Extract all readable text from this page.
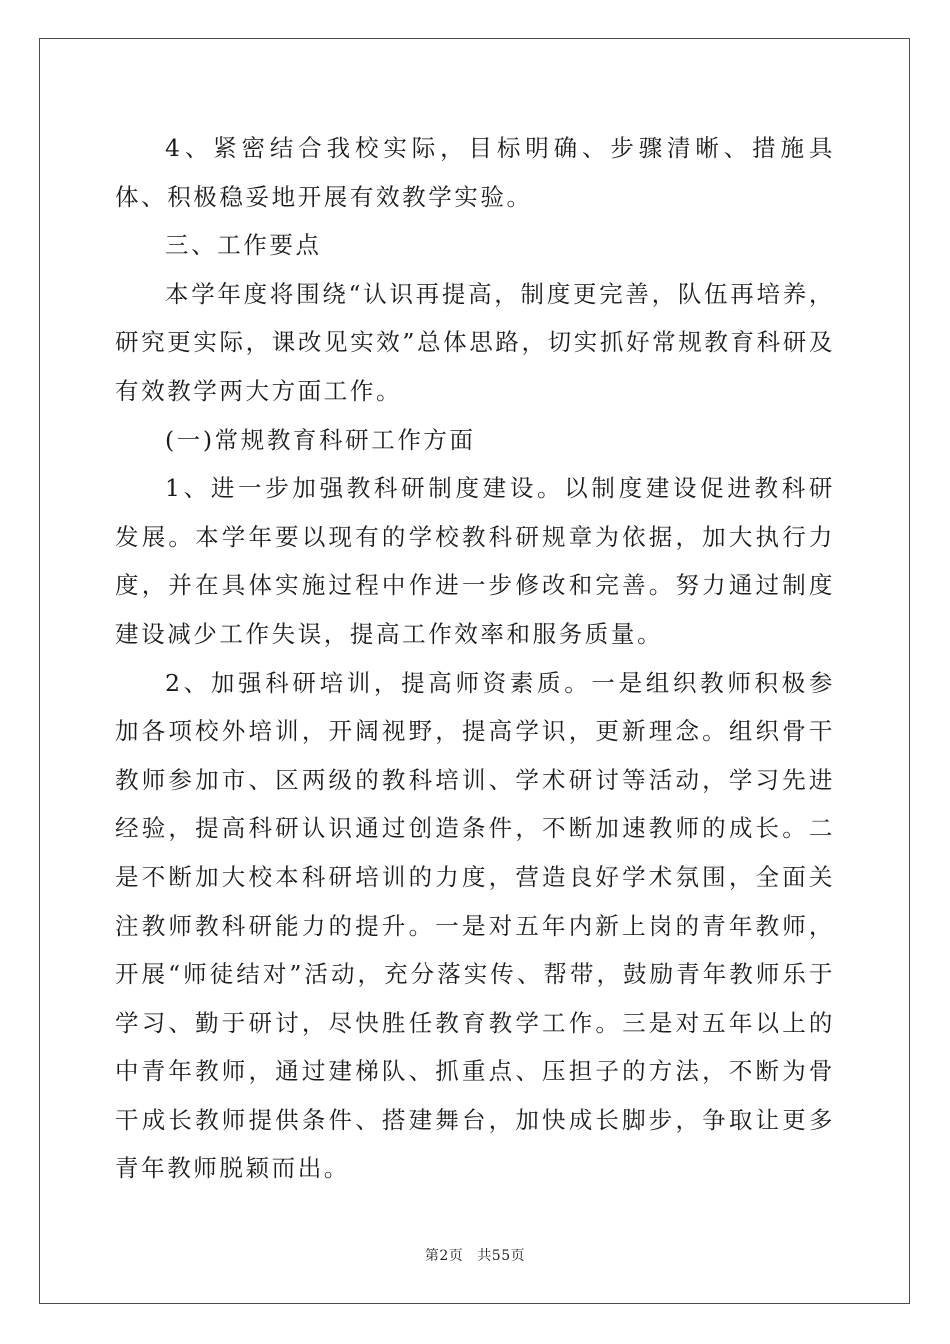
4、紧密结合我校实际，目标明确、步骤清晰、措施具体、积极稳妥地开展有效教学实验。

三、工作要点

本学年度将围绕“认识再提高，制度更完善，队伍再培养，研究更实际，课改见实效”总体思路，切实抓好常规教育科研及有效教学两大方面工作。

(一)常规教育科研工作方面

1、进一步加强教科研制度建设。以制度建设促进教科研发展。本学年要以现有的学校教科研规章为依据，加大执行力度，并在具体实施过程中作进一步修改和完善。努力通过制度建设减少工作失误，提高工作效率和服务质量。

2、加强科研培训，提高师资素质。一是组织教师积极参加各项校外培训，开阔视野，提高学识，更新理念。组织骨干教师参加市、区两级的教科培训、学术研讨等活动，学习先进经验，提高科研认识通过创造条件，不断加速教师的成长。二是不断加大校本科研培训的力度，营造良好学术氛围，全面关注教师教科研能力的提升。一是对五年内新上岗的青年教师，开展“师徒结对”活动，充分落实传、帮带，鼓励青年教师乐于学习、勤于研讨，尽快胜任教育教学工作。三是对五年以上的中青年教师，通过建梯队、抓重点、压担子的方法，不断为骨干成长教师提供条件、搭建舞台，加快成长脚步，争取让更多青年教师脱颖而出。

第2页 共55页
